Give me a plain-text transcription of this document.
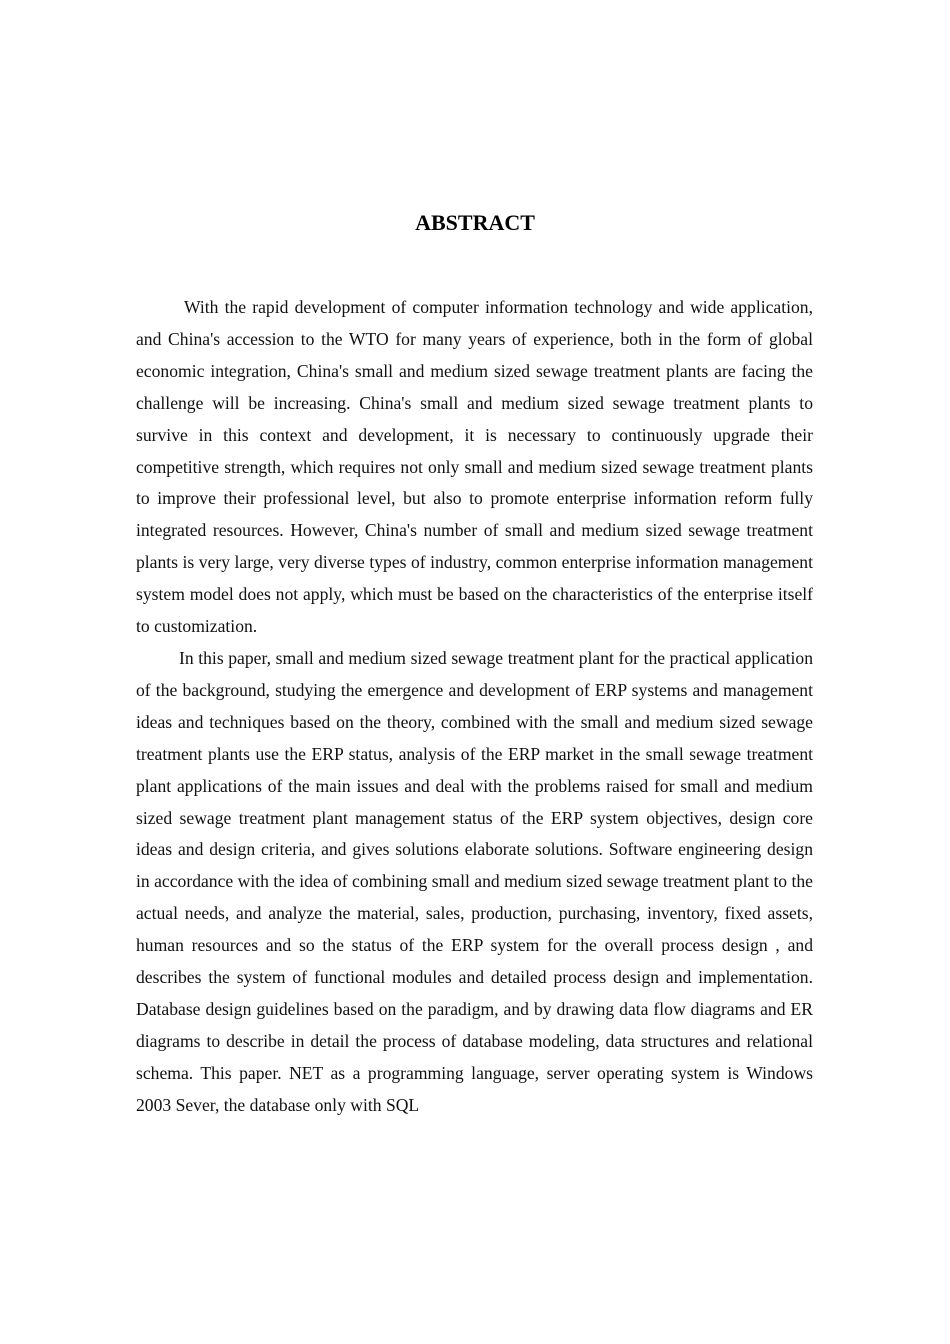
ABSTRACT

With the rapid development of computer information technology and wide application, and China's accession to the WTO for many years of experience, both in the form of global economic integration, China's small and medium sized sewage treatment plants are facing the challenge will be increasing. China's small and medium sized sewage treatment plants to survive in this context and development, it is necessary to continuously upgrade their competitive strength, which requires not only small and medium sized sewage treatment plants to improve their professional level, but also to promote enterprise information reform fully integrated resources. However, China's number of small and medium sized sewage treatment plants is very large, very diverse types of industry, common enterprise information management system model does not apply, which must be based on the characteristics of the enterprise itself to customization.

In this paper, small and medium sized sewage treatment plant for the practical application of the background, studying the emergence and development of ERP systems and management ideas and techniques based on the theory, combined with the small and medium sized sewage treatment plants use the ERP status, analysis of the ERP market in the small sewage treatment plant applications of the main issues and deal with the problems raised for small and medium sized sewage treatment plant management status of the ERP system objectives, design core ideas and design criteria, and gives solutions elaborate solutions. Software engineering design in accordance with the idea of combining small and medium sized sewage treatment plant to the actual needs, and analyze the material, sales, production, purchasing, inventory, fixed assets, human resources and so the status of the ERP system for the overall process design , and describes the system of functional modules and detailed process design and implementation. Database design guidelines based on the paradigm, and by drawing data flow diagrams and ER diagrams to describe in detail the process of database modeling, data structures and relational schema. This paper. NET as a programming language, server operating system is Windows 2003 Sever, the database only with SQL
